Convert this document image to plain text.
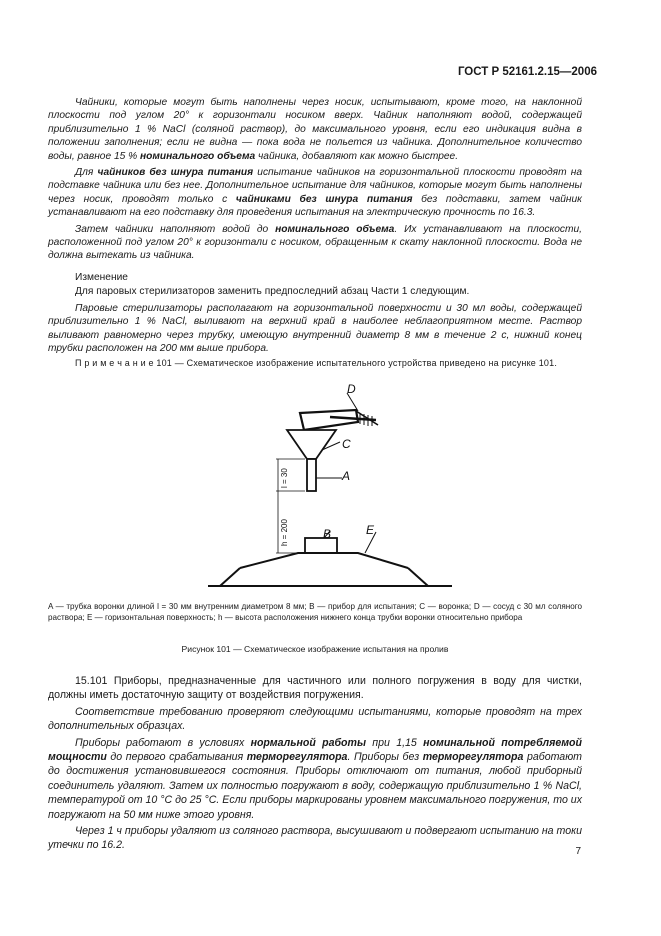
ГОСТ Р 52161.2.15—2006

Чайники, которые могут быть наполнены через носик, испытывают, кроме того, на наклонной плоскости под углом 20° к горизонтали носиком вверх. Чайник наполняют водой, содержащей приблизительно 1 % NaCl (соляной раствор), до максимального уровня, если его индикация видна в положении заполнения; если не видна — пока вода не польется из чайника. Дополнительное количество воды, равное 15 % номинального объема чайника, добавляют как можно быстрее.

Для чайников без шнура питания испытание чайников на горизонтальной плоскости проводят на подставке чайника или без нее. Дополнительное испытание для чайников, которые могут быть наполнены через носик, проводят только с чайниками без шнура питания без подставки, затем чайник устанавливают на его подставку для проведения испытания на электрическую прочность по 16.3.

Затем чайники наполняют водой до номинального объема. Их устанавливают на плоскости, расположенной под углом 20° к горизонтали с носиком, обращенным к скату наклонной плоскости. Вода не должна вытекать из чайника.

Изменение

Для паровых стерилизаторов заменить предпоследний абзац Части 1 следующим.

Паровые стерилизаторы располагают на горизонтальной поверхности и 30 мл воды, содержащей приблизительно 1 % NaCl, выливают на верхний край в наиболее неблагоприятном месте. Раствор выливают равномерно через трубку, имеющую внутренний диаметр 8 мм в течение 2 с, нижний конец трубки расположен на 200 мм выше прибора.

П р и м е ч а н и е 101 — Схематическое изображение испытательного устройства приведено на рисунке 101.

D
C
A
l = 30
h = 200	B	E
A — трубка воронки длиной l = 30 мм внутренним диаметром 8 мм; B — прибор для испытания; C — воронка; D — сосуд с 30 мл соляного раствора; E — горизонтальная поверхность; h — высота расположения нижнего конца трубки воронки относительно прибора
Рисунок 101 — Схематическое изображение испытания на пролив

15.101 Приборы, предназначенные для частичного или полного погружения в воду для чистки, должны иметь достаточную защиту от воздействия погружения.

Соответствие требованию проверяют следующими испытаниями, которые проводят на трех дополнительных образцах.

Приборы работают в условиях нормальной работы при 1,15 номинальной потребляемой мощности до первого срабатывания терморегулятора. Приборы без терморегулятора работают до достижения установившегося состояния. Приборы отключают от питания, любой приборный соединитель удаляют. Затем их полностью погружают в воду, содержащую приблизительно 1 % NaCl, температурой от 10 °C до 25 °C. Если приборы маркированы уровнем максимального погружения, то их погружают на 50 мм ниже этого уровня.

Через 1 ч приборы удаляют из соляного раствора, высушивают и подвергают испытанию на токи утечки по 16.2.

7
